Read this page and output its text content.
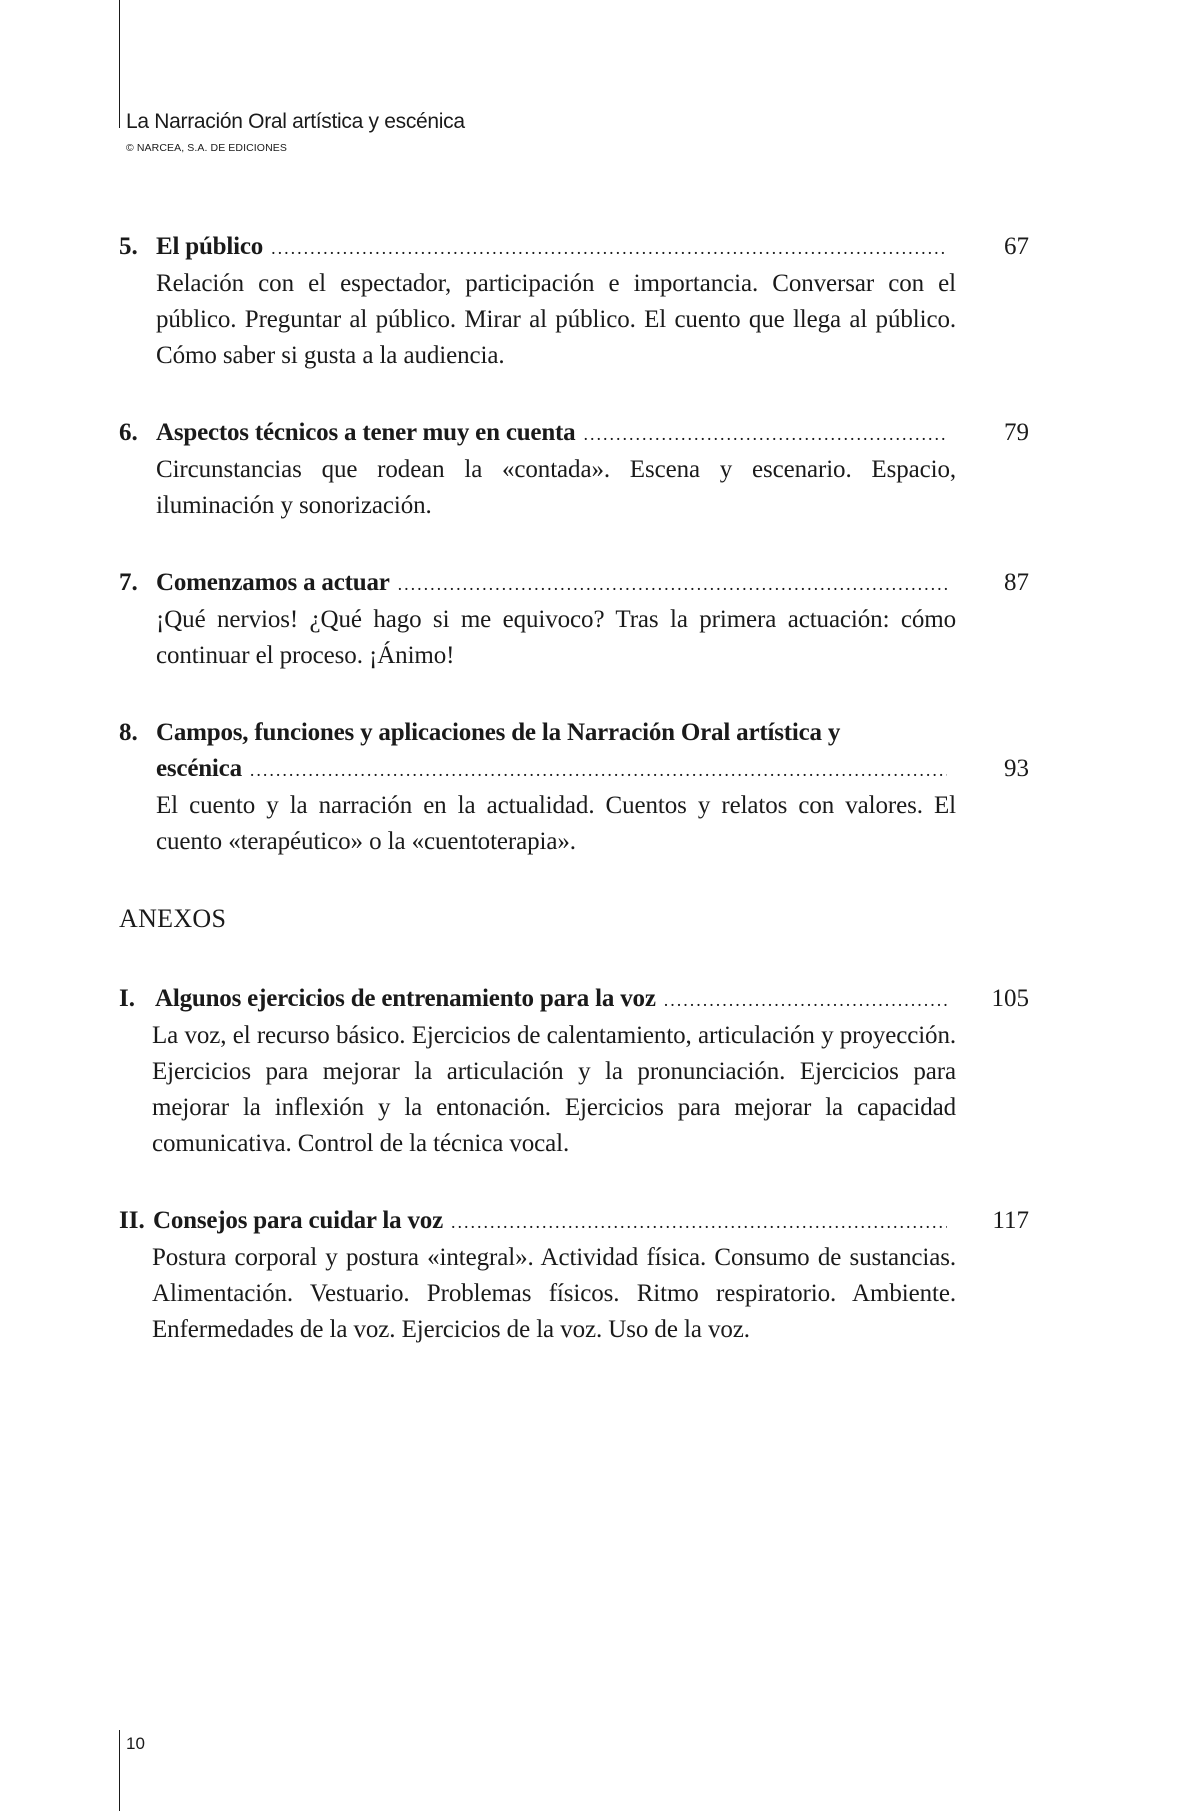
La Narración Oral artística y escénica
© NARCEA, S.A. DE EDICIONES
5. El público .....	67
Relación con el espectador, participación e importancia. Conversar con el público. Preguntar al público. Mirar al público. El cuento que llega al público. Cómo saber si gusta a la audiencia.
6. Aspectos técnicos a tener muy en cuenta .....	79
Circunstancias que rodean la «contada». Escena y escenario. Espacio, iluminación y sonorización.
7. Comenzamos a actuar .....	87
¡Qué nervios! ¿Qué hago si me equivoco? Tras la primera actuación: cómo continuar el proceso. ¡Ánimo!
8. Campos, funciones y aplicaciones de la Narración Oral artística y
escénica .....	93
El cuento y la narración en la actualidad. Cuentos y relatos con valores. El cuento «terapéutico» o la «cuentoterapia».
ANEXOS
I. Algunos ejercicios de entrenamiento para la voz .....	105
La voz, el recurso básico. Ejercicios de calentamiento, articulación y proyección. Ejercicios para mejorar la articulación y la pronunciación. Ejercicios para mejorar la inflexión y la entonación. Ejercicios para mejorar la capacidad comunicativa. Control de la técnica vocal.
II. Consejos para cuidar la voz .....	117
Postura corporal y postura «integral». Actividad física. Consumo de sustancias. Alimentación. Vestuario. Problemas físicos. Ritmo respiratorio. Ambiente. Enfermedades de la voz. Ejercicios de la voz. Uso de la voz.
10
